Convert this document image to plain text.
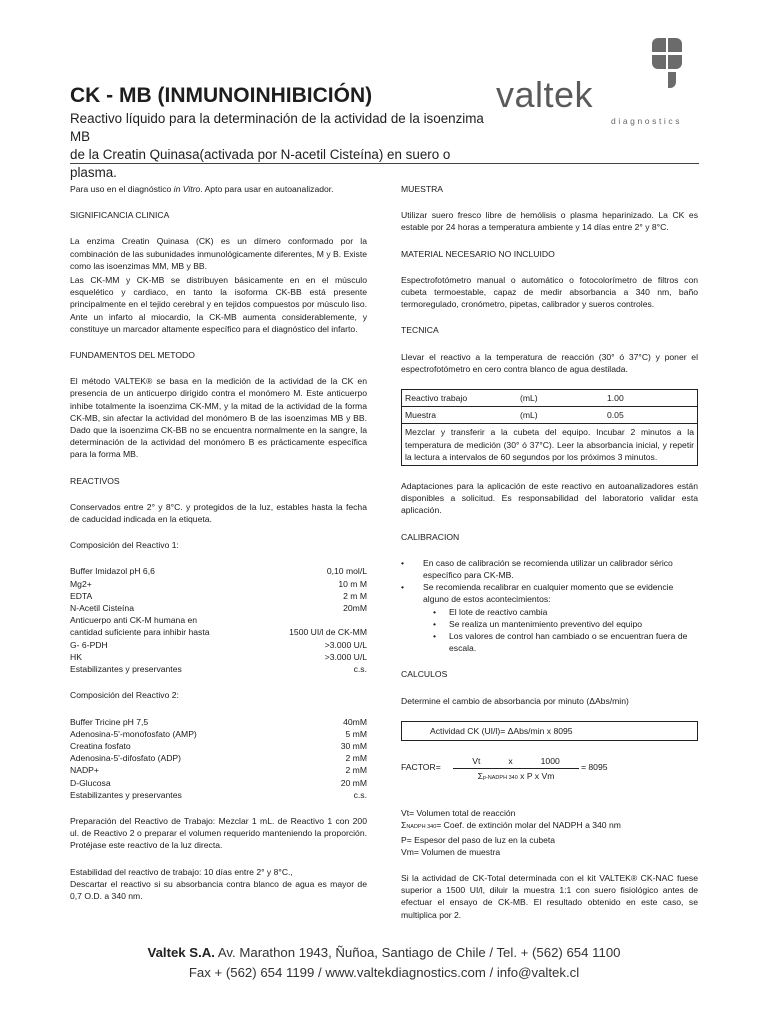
CK - MB (INMUNOINHIBICIÓN)
Reactivo líquido para la determinación de la actividad de la isoenzima MB
de la Creatin Quinasa(activada por N-acetil Cisteína) en suero o plasma.
valtek
diagnostics
Para uso en el diagnóstico in Vitro. Apto para usar en autoanalizador.
SIGNIFICANCIA CLINICA
La enzima Creatin Quinasa (CK) es un dímero conformado por la combinación de las subunidades inmunológicamente diferentes, M y B. Existe como las isoenzimas MM, MB y BB.
Las CK-MM y CK-MB se distribuyen básicamente en en el músculo esquelético y cardiaco, en tanto la isoforma CK-BB está presente principalmente en el tejido cerebral y en tejidos compuestos por músculo liso. Ante un infarto al miocardio, la CK-MB aumenta considerablemente, y constituye un marcador altamente específico para el diagnóstico del infarto.
FUNDAMENTOS DEL METODO
El método VALTEK® se basa en la medición de la actividad de la CK en presencia de un anticuerpo dirigido contra el monómero M. Este anticuerpo inhibe totalmente la isoenzima CK-MM, y la mitad de la actividad de la forma CK-MB, sin afectar la actividad del monómero B de las isoenzimas MB y BB. Dado que la isoenzima CK-BB no se encuentra normalmente en la sangre, la determinación de la actividad del monómero B es prácticamente específica para la forma MB.
REACTIVOS
Conservados entre 2° y 8°C. y protegidos de la luz, estables hasta la fecha de caducidad indicada en la etiqueta.
Composición del Reactivo 1:
Buffer Imidazol pH 6,6	0,10 mol/L
Mg2+	10 m M
EDTA	2 m M
N-Acetil Cisteína	20mM
Anticuerpo anti CK-M humana en
cantidad suficiente para inhibir hasta	1500 UI/l de CK-MM
G- 6-PDH	>3.000 U/L
HK	>3.000 U/L
Estabilizantes y preservantes	c.s.
Composición del Reactivo 2:
Buffer Tricine pH 7,5	40mM
Adenosina-5'-monofosfato (AMP)	5 mM
Creatina fosfato	30 mM
Adenosina-5'-difosfato (ADP)	2 mM
NADP+	2 mM
D-Glucosa	20 mM
Estabilizantes y preservantes	c.s.
Preparación del Reactivo de Trabajo: Mezclar 1 mL. de Reactivo 1 con 200 ul. de Reactivo 2 o preparar el volumen requerido manteniendo la proporción. Protéjase este reactivo de la luz directa.
Estabilidad del reactivo de trabajo: 10 días entre 2° y 8°C.,
Descartar el reactivo si su absorbancia contra blanco de agua es mayor de 0,7 O.D. a 340 nm.
MUESTRA
Utilizar suero fresco libre de hemólisis o plasma heparinizado. La CK es estable por 24 horas a temperatura ambiente y 14 días entre 2° y 8°C.
MATERIAL NECESARIO NO INCLUIDO
Espectrofotómetro manual o automático o fotocolorímetro de filtros con cubeta termoestable, capaz de medir absorbancia a 340 nm, baño termoregulado, cronómetro, pipetas, calibrador y sueros controles.
TECNICA
Llevar el reactivo a la temperatura de reacción (30° ó 37°C) y poner el espectrofotómetro en cero contra blanco de agua destilada.
Reactivo trabajo	(mL)	1.00
Muestra	(mL)	0.05
Mezclar y transferir a la cubeta del equipo. Incubar 2 minutos a la temperatura de medición (30° ó 37°C). Leer la absorbancia inicial, y repetir la lectura a intervalos de 60 segundos por los próximos 3 minutos.
Adaptaciones para la aplicación de este reactivo en autoanalizadores están disponibles a solicitud. Es responsabilidad del laboratorio validar esta aplicación.
CALIBRACION
• En caso de calibración se recomienda utilizar un calibrador sérico específico para CK-MB.
• Se recomienda recalibrar en cualquier momento que se evidencie alguno de estos acontecimientos:
• El lote de reactivo cambia
• Se realiza un mantenimiento preventivo del equipo
• Los valores de control han cambiado o se encuentran fuera de escala.
CALCULOS
Determine el cambio de absorbancia por minuto (ΔAbs/min)
Actividad CK (UI/l)= ΔAbs/min x 8095
FACTOR=
Vt	x	1000
Σp-NADPH 340 x P x Vm
= 8095
Vt= Volumen total de reacción
ΣNADPH 340= Coef. de extinción molar del NADPH a 340 nm
P= Espesor del paso de luz en la cubeta
Vm= Volumen de muestra
Si la actividad de CK-Total determinada con el kit VALTEK® CK-NAC fuese superior a 1500 UI/l, diluir la muestra 1:1 con suero fisiológico antes de efectuar el ensayo de CK-MB. El resultado obtenido en este caso, se multiplica por 2.
Valtek S.A. Av. Marathon 1943, Ñuñoa, Santiago de Chile / Tel. + (562) 654 1100
Fax + (562) 654 1199 / www.valtekdiagnostics.com / info@valtek.cl
